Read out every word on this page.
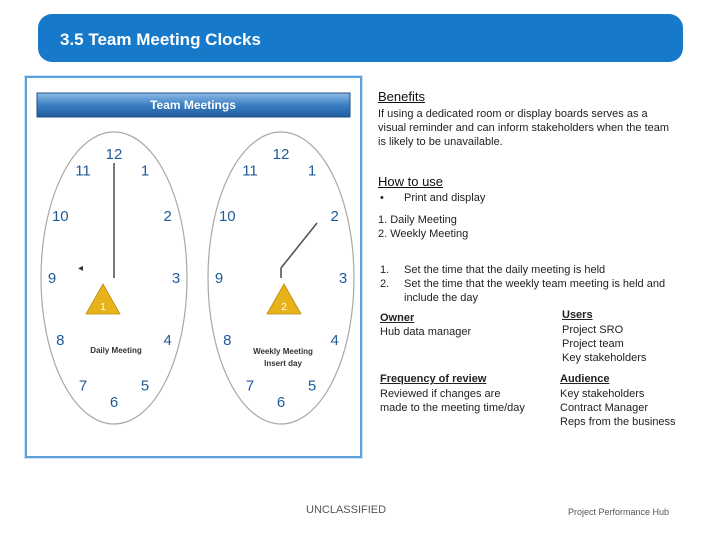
3.5 Team Meeting Clocks
Team Meetings
12
1
2
3
4
5
6
7
8
9
10
11
◂
1
Daily Meeting
12
1
2
3
4
5
6
7
8
9
10
11
2
Weekly Meeting
Insert day
Benefits
If using a dedicated room or display boards serves as a
visual reminder and can inform stakeholders when the team
is likely to be unavailable.
How to use
• Print and display
1. Daily Meeting
2. Weekly Meeting
1. Set the time that the daily meeting is held
2. Set the time that the weekly team meeting is held and
include the day
Owner
Hub data manager
Users
Project SRO
Project team
Key stakeholders
Frequency of review
Reviewed if changes are
made to the meeting time/day
Audience
Key stakeholders
Contract Manager
Reps from the business
UNCLASSIFIED	Project Performance Hub
